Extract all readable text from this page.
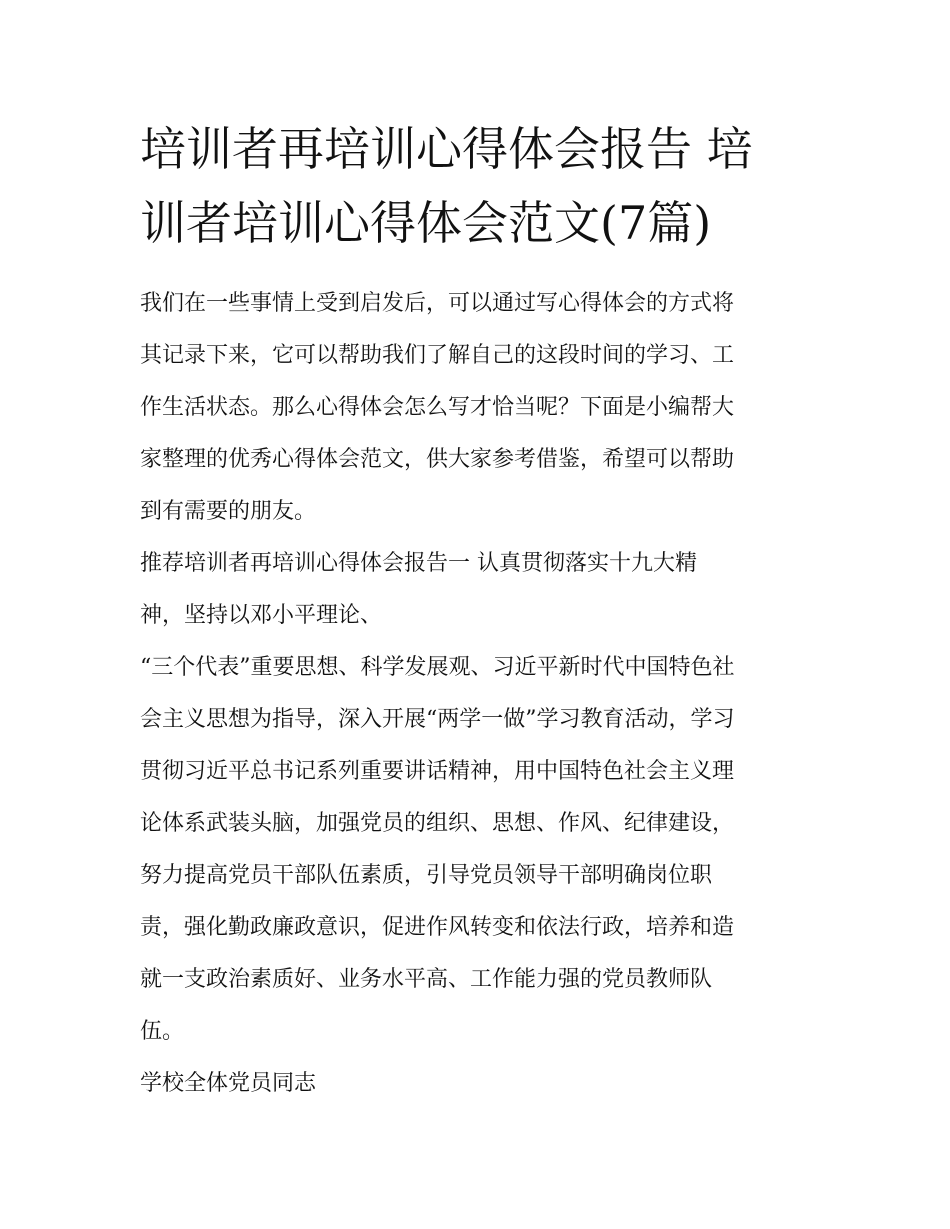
培训者再培训心得体会报告 培
训者培训心得体会范文(7篇)

我们在一些事情上受到启发后，可以通过写心得体会的方式将
其记录下来，它可以帮助我们了解自己的这段时间的学习、工
作生活状态。那么心得体会怎么写才恰当呢？下面是小编帮大
家整理的优秀心得体会范文，供大家参考借鉴，希望可以帮助
到有需要的朋友。

推荐培训者再培训心得体会报告一 认真贯彻落实十九大精
神，坚持以邓小平理论、

“三个代表”重要思想、科学发展观、习近平新时代中国特色社
会主义思想为指导，深入开展“两学一做”学习教育活动，学习
贯彻习近平总书记系列重要讲话精神，用中国特色社会主义理
论体系武装头脑，加强党员的组织、思想、作风、纪律建设，
努力提高党员干部队伍素质，引导党员领导干部明确岗位职
责，强化勤政廉政意识，促进作风转变和依法行政，培养和造
就一支政治素质好、业务水平高、工作能力强的党员教师队
伍。

学校全体党员同志
